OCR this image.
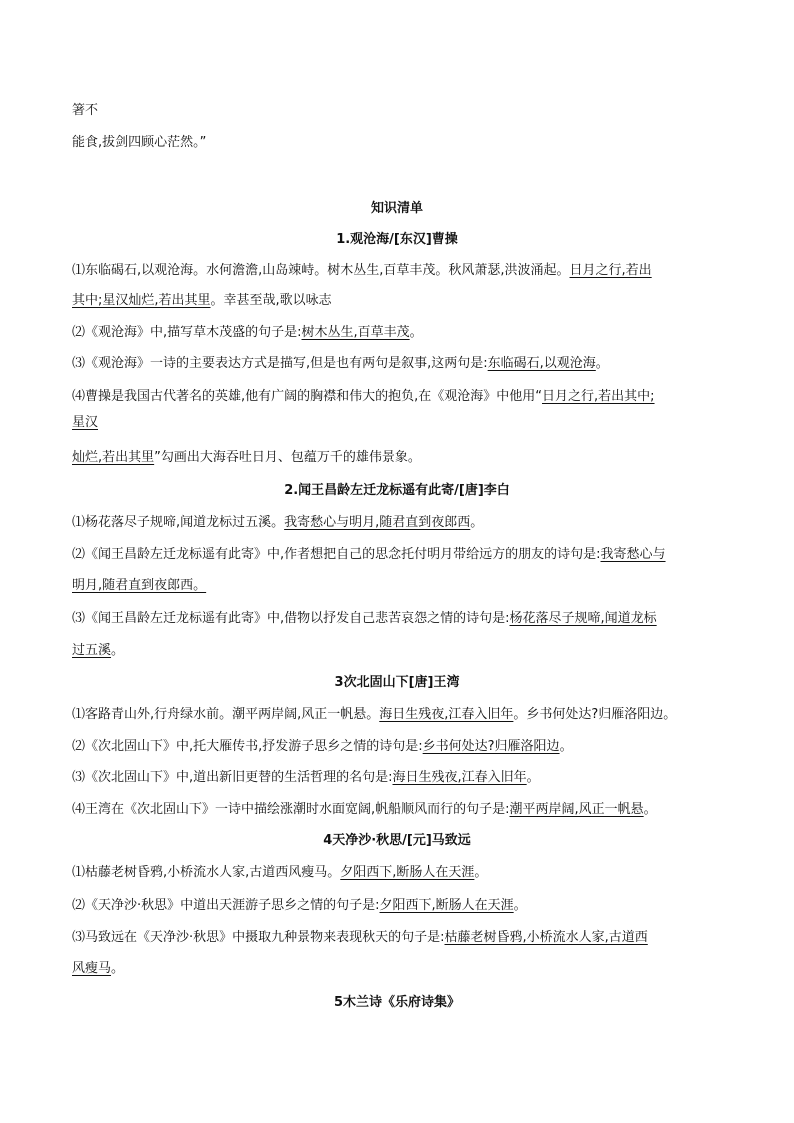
箸不
能食,拔剑四顾心茫然。”
知识清单
1.观沧海/[东汉]曹操
⑴东临碣石,以观沧海。水何澹澹,山岛竦峙。树木丛生,百草丰茂。秋风萧瑟,洪波涌起。日月之行,若出
其中;星汉灿烂,若出其里。幸甚至哉,歌以咏志
⑵《观沧海》中,描写草木茂盛的句子是:树木丛生,百草丰茂。
⑶《观沧海》一诗的主要表达方式是描写,但是也有两句是叙事,这两句是:东临碣石,以观沧海。
⑷曹操是我国古代著名的英雄,他有广阔的胸襟和伟大的抱负,在《观沧海》中他用“日月之行,若出其中;
星汉
灿烂,若出其里”勾画出大海吞吐日月、包蕴万千的雄伟景象。
2.闻王昌龄左迁龙标遥有此寄/[唐]李白
⑴杨花落尽子规啼,闻道龙标过五溪。我寄愁心与明月,随君直到夜郎西。
⑵《闻王昌龄左迁龙标遥有此寄》中,作者想把自己的思念托付明月带给远方的朋友的诗句是:我寄愁心与
明月,随君直到夜郎西。
⑶《闻王昌龄左迁龙标遥有此寄》中,借物以抒发自己悲苦哀怨之情的诗句是:杨花落尽子规啼,闻道龙标
过五溪。
3次北固山下[唐]王湾
⑴客路青山外,行舟绿水前。潮平两岸阔,风正一帆悬。海日生残夜,江春入旧年。乡书何处达?归雁洛阳边。
⑵《次北固山下》中,托大雁传书,抒发游子思乡之情的诗句是:乡书何处达?归雁洛阳边。
⑶《次北固山下》中,道出新旧更替的生活哲理的名句是:海日生残夜,江春入旧年。
⑷王湾在《次北固山下》一诗中描绘涨潮时水面宽阔,帆船顺风而行的句子是:潮平两岸阔,风正一帆悬。
4天净沙·秋思/[元]马致远
⑴枯藤老树昏鸦,小桥流水人家,古道西风瘦马。夕阳西下,断肠人在天涯。
⑵《天净沙·秋思》中道出天涯游子思乡之情的句子是:夕阳西下,断肠人在天涯。
⑶马致远在《天净沙·秋思》中摄取九种景物来表现秋天的句子是:枯藤老树昏鸦,小桥流水人家,古道西
风瘦马。
5木兰诗《乐府诗集》
